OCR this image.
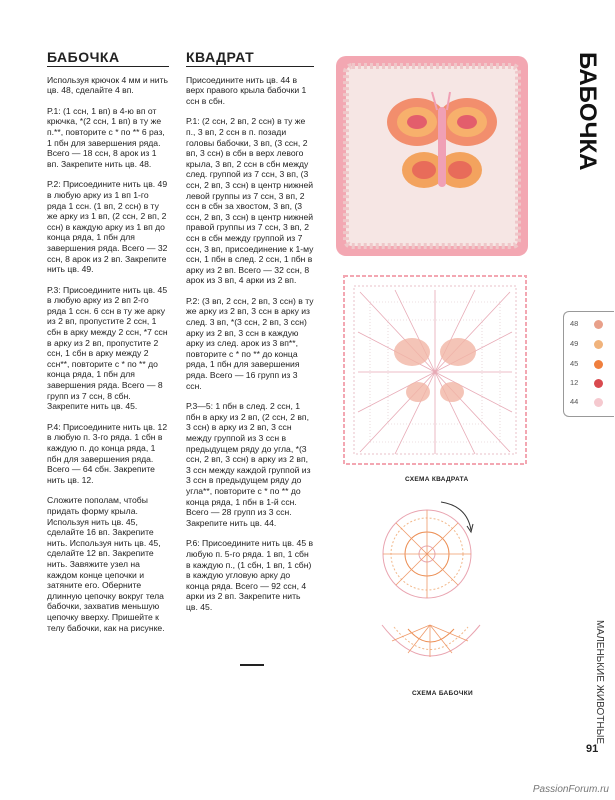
БАБОЧКА

Используя крючок 4 мм и нить цв. 48, сделайте 4 вп.

Р.1: (1 ссн, 1 вп) в 4-ю вп от крючка, *(2 ссн, 1 вп) в ту же п.**, повторите с * по ** 6 раз, 1 пбн для завершения ряда. Всего — 18 ссн, 8 арок из 1 вп. Закрепите нить цв. 48.

Р.2: Присоедините нить цв. 49 в любую арку из 1 вп 1-го ряда 1 ссн. (1 вп, 2 ссн) в ту же арку из 1 вп, (2 ссн, 2 вп, 2 ссн) в каждую арку из 1 вп до конца ряда, 1 пбн для завершения ряда. Всего — 32 ссн, 8 арок из 2 вп. Закрепите нить цв. 49.

Р.3: Присоедините нить цв. 45 в любую арку из 2 вп 2-го ряда 1 ссн. 6 ссн в ту же арку из 2 вп, пропустите 2 ссн, 1 сбн в арку между 2 ссн, *7 ссн в арку из 2 вп, пропустите 2 ссн, 1 сбн в арку между 2 ссн**, повторите с * по ** до конца ряда, 1 пбн для завершения ряда. Всего — 8 групп из 7 ссн, 8 сбн. Закрепите нить цв. 45.

Р.4: Присоедините нить цв. 12 в любую п. 3-го ряда. 1 сбн в каждую п. до конца ряда, 1 пбн для завершения ряда. Всего — 64 сбн. Закрепите нить цв. 12.

Сложите пополам, чтобы придать форму крыла. Используя нить цв. 45, сделайте 16 вп. Закрепите нить. Используя нить цв. 45, сделайте 12 вп. Закрепите нить. Завяжите узел на каждом конце цепочки и затяните его. Оберните длинную цепочку вокруг тела бабочки, захватив меньшую цепочку вверху. Пришейте к телу бабочки, как на рисунке.

КВАДРАТ

Присоедините нить цв. 44 в верх правого крыла бабочки 1 ссн в сбн.

Р.1: (2 ссн, 2 вп, 2 ссн) в ту же п., 3 вп, 2 ссн в п. позади головы бабочки, 3 вп, (3 ссн, 2 вп, 3 ссн) в сбн в верх левого крыла, 3 вп, 2 ссн в сбн между след. группой из 7 ссн, 3 вп, (3 ссн, 2 вп, 3 ссн) в центр нижней левой группы из 7 ссн, 3 вп, 2 ссн в сбн за хвостом, 3 вп, (3 ссн, 2 вп, 3 ссн) в центр нижней правой группы из 7 ссн, 3 вп, 2 ссн в сбн между группой из 7 ссн, 3 вп, присоединение к 1-му ссн, 1 пбн в след. 2 ссн, 1 пбн в арку из 2 вп. Всего — 32 ссн, 8 арок из 3 вп, 4 арки из 2 вп.

Р.2: (3 вп, 2 ссн, 2 вп, 3 ссн) в ту же арку из 2 вп, 3 ссн в арку из след. 3 вп, *(3 ссн, 2 вп, 3 ссн) арку из 2 вп, 3 ссн в каждую арку из след. арок из 3 вп**, повторите с * по ** до конца ряда, 1 пбн для завершения ряда. Всего — 16 групп из 3 ссн.

Р.3—5: 1 пбн в след. 2 ссн, 1 пбн в арку из 2 вп, (2 ссн, 2 вп, 3 ссн) в арку из 2 вп, 3 ссн между группой из 3 ссн в предыдущем ряду до угла, *(3 ссн, 2 вп, 3 ссн) в арку из 2 вп, 3 ссн между каждой группой из 3 ссн в предыдущем ряду до угла**, повторите с * по ** до конца ряда, 1 пбн в 1-й ссн. Всего — 28 групп из 3 ссн. Закрепите нить цв. 44.

Р.6: Присоедините нить цв. 45 в любую п. 5-го ряда. 1 вп, 1 сбн в каждую п., (1 сбн, 1 вп, 1 сбн) в каждую угловую арку до конца ряда. Всего — 92 ссн, 4 арки из 2 вп. Закрепите нить цв. 45.

СХЕМА КВАДРАТА
СХЕМА БАБОЧКИ
БАБОЧКА
48
49
45
12
44
МАЛЕНЬКИЕ ЖИВОТНЫЕ
91
PassionForum.ru
